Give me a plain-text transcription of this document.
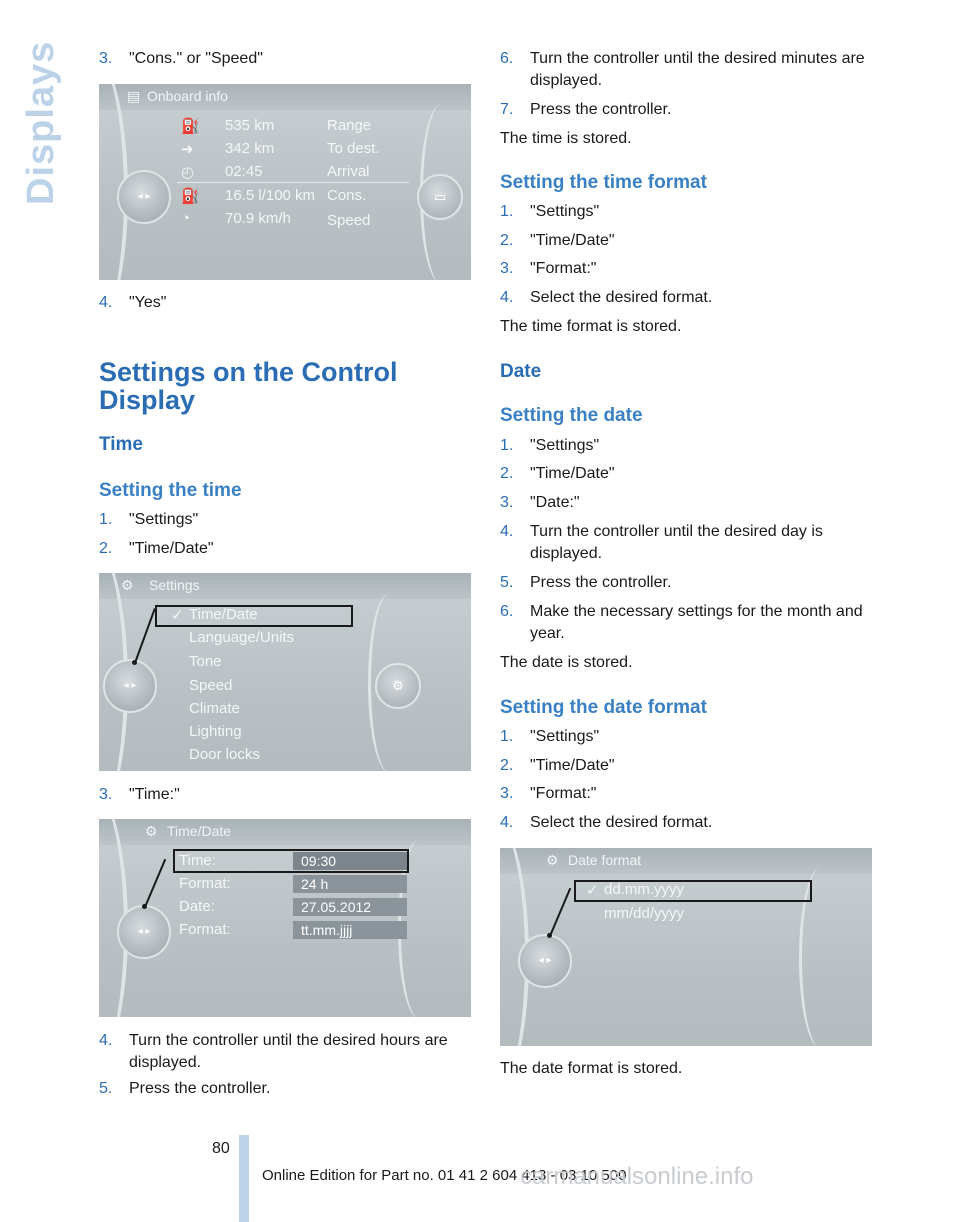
Displays 3. "Cons." or "Speed"
▤ Onboard info
◂ ▸	▭
⛽ 535 km	Range
➜ 342 km	To dest.
◴ 02:45	Arrival
⛽ 16.5 l/100 km Cons.
◔ 70.9 km/h Speed
4. "Yes"
Settings on the Control Display
Time
Setting the time
1. "Settings"
2. "Time/Date"
⚙ Settings
◂ ▸	⚙
✓ Time/Date
Language/Units
Tone
Speed
Climate
Lighting
Door locks
3. "Time:"
⚙ Time/Date
◂ ▸
Time:	09:30
Format:	24 h
Date:	27.05.2012
Format:	tt.mm.jjjj
4. Turn the controller until the desired hours are displayed.
5. Press the controller.
6. Turn the controller until the desired minutes are displayed.
7. Press the controller.
The time is stored.
Setting the time format
1. "Settings"
2. "Time/Date"
3. "Format:"
4. Select the desired format.
The time format is stored.
Date
Setting the date
1. "Settings"
2. "Time/Date"
3. "Date:"
4. Turn the controller until the desired day is displayed.
5. Press the controller.
6. Make the necessary settings for the month and year.
The date is stored.
Setting the date format
1. "Settings"
2. "Time/Date"
3. "Format:"
4. Select the desired format.
⚙ Date format
◂ ▸
✓ dd.mm.yyyy
mm/dd/yyyy
The date format is stored.
80
Online Edition for Part no. 01 41 2 604 413 - 03 10 500
carmanualsonline.info
